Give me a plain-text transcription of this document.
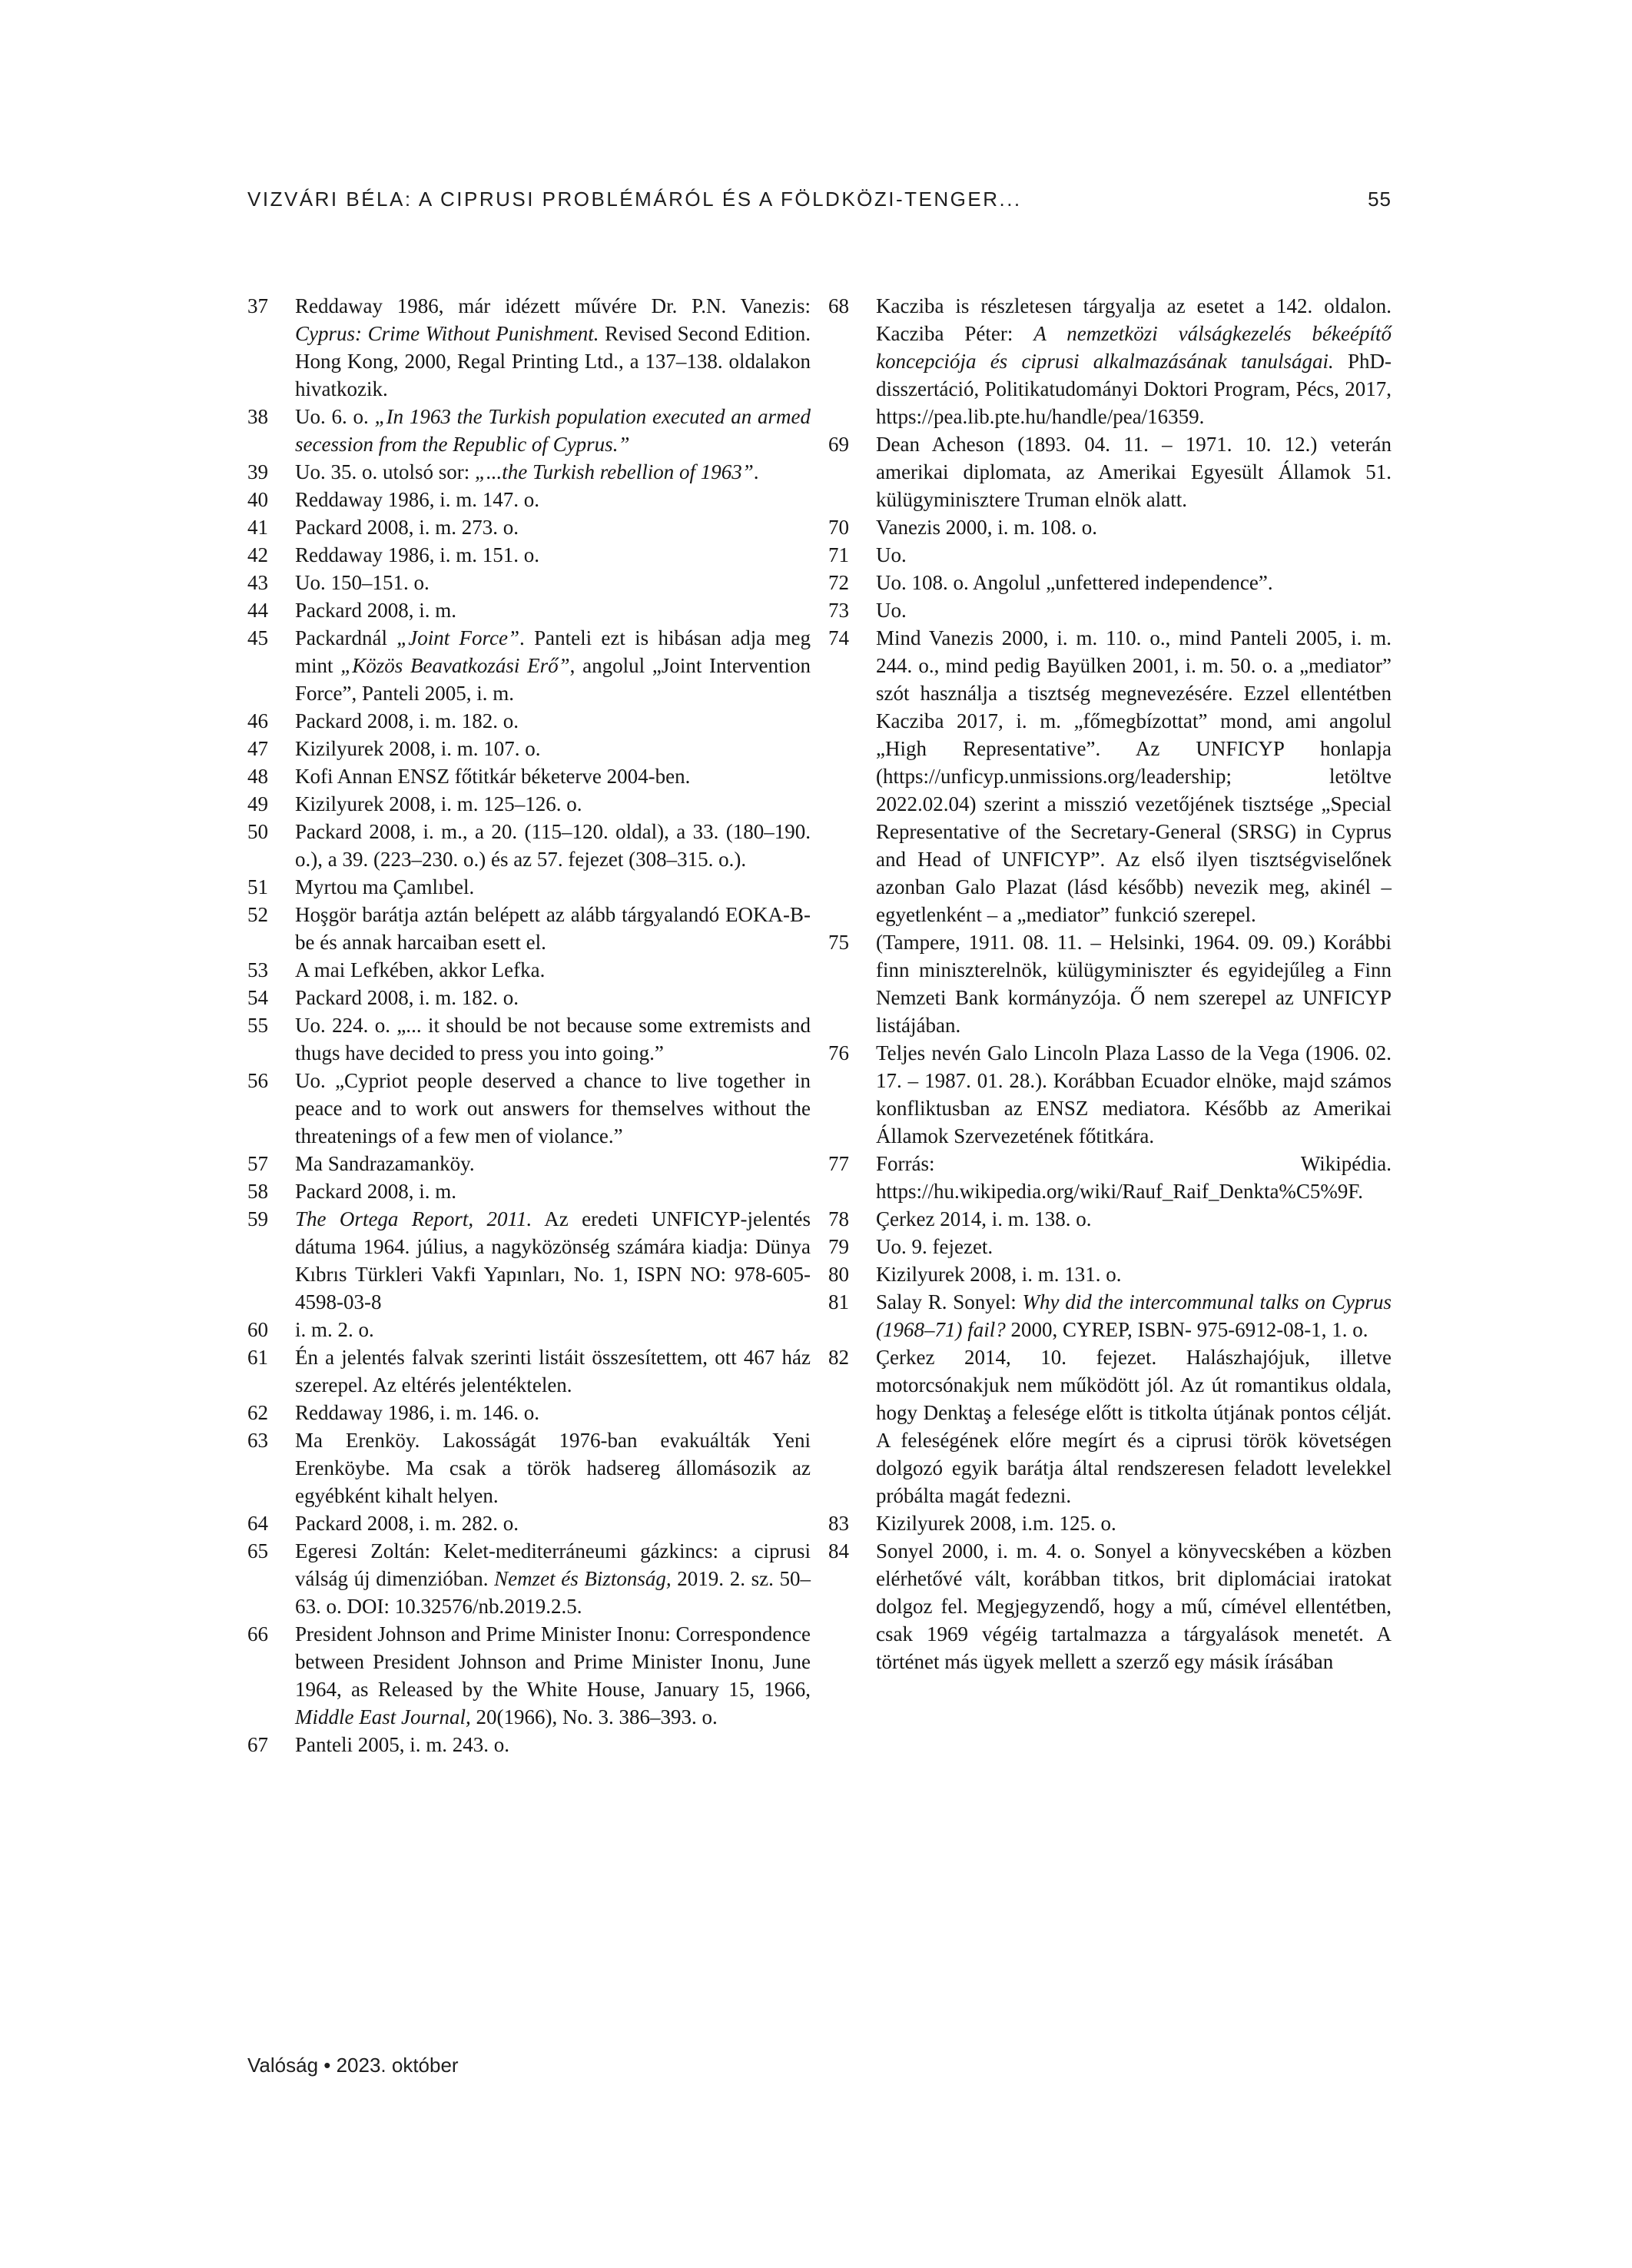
VIZVÁRI BÉLA: A CIPRUSI PROBLÉMÁRÓL ÉS A FÖLDKÖZI-TENGER...	55
37	Reddaway 1986, már idézett művére Dr. P.N. Vanezis: Cyprus: Crime Without Punishment. Revised Second Edition. Hong Kong, 2000, Regal Printing Ltd., a 137–138. oldalakon hivatkozik.
38	Uo. 6. o. „In 1963 the Turkish population executed an armed secession from the Republic of Cyprus.”
39	Uo. 35. o. utolsó sor: „...the Turkish rebellion of 1963”.
40	Reddaway 1986, i. m. 147. o.
41	Packard 2008, i. m. 273. o.
42	Reddaway 1986, i. m. 151. o.
43	Uo. 150–151. o.
44	Packard 2008, i. m.
45	Packardnál „Joint Force”. Panteli ezt is hibásan adja meg mint „Közös Beavatkozási Erő”, angolul „Joint Intervention Force”, Panteli 2005, i. m.
46	Packard 2008, i. m. 182. o.
47	Kizilyurek 2008, i. m. 107. o.
48	Kofi Annan ENSZ főtitkár béketerve 2004-ben.
49	Kizilyurek 2008, i. m. 125–126. o.
50	Packard 2008, i. m., a 20. (115–120. oldal), a 33. (180–190. o.), a 39. (223–230. o.) és az 57. fejezet (308–315. o.).
51	Myrtou ma Çamlıbel.
52	Hoşgör barátja aztán belépett az alább tárgyalandó EOKA-B-be és annak harcaiban esett el.
53	A mai Lefkében, akkor Lefka.
54	Packard 2008, i. m. 182. o.
55	Uo. 224. o. „... it should be not because some extremists and thugs have decided to press you into going.”
56	Uo. „Cypriot people deserved a chance to live together in peace and to work out answers for themselves without the threatenings of a few men of violance.”
57	Ma Sandrazamanköy.
58	Packard 2008, i. m.
59	The Ortega Report, 2011. Az eredeti UNFICYP-jelentés dátuma 1964. július, a nagyközönség számára kiadja: Dünya Kıbrıs Türkleri Vakfi Yapınları, No. 1, ISPN NO: 978-605-4598-03-8
60	i. m. 2. o.
61	Én a jelentés falvak szerinti listáit összesítettem, ott 467 ház szerepel. Az eltérés jelentéktelen.
62	Reddaway 1986, i. m. 146. o.
63	Ma Erenköy. Lakosságát 1976-ban evakuálták Yeni Erenköybe. Ma csak a török hadsereg állomásozik az egyébként kihalt helyen.
64	Packard 2008, i. m. 282. o.
65	Egeresi Zoltán: Kelet-mediterráneumi gázkincs: a ciprusi válság új dimenzióban. Nemzet és Biztonság, 2019. 2. sz. 50–63. o. DOI: 10.32576/nb.2019.2.5.
66	President Johnson and Prime Minister Inonu: Correspondence between President Johnson and Prime Minister Inonu, June 1964, as Released by the White House, January 15, 1966, Middle East Journal, 20(1966), No. 3. 386–393. o.
67	Panteli 2005, i. m. 243. o.
68	Kacziba is részletesen tárgyalja az esetet a 142. oldalon. Kacziba Péter: A nemzetközi válságkezelés békeépítő koncepciója és ciprusi alkalmazásának tanulságai. PhD-disszertáció, Politikatudományi Doktori Program, Pécs, 2017, https://pea.lib.pte.hu/handle/pea/16359.
69	Dean Acheson (1893. 04. 11. – 1971. 10. 12.) veterán amerikai diplomata, az Amerikai Egyesült Államok 51. külügyminisztere Truman elnök alatt.
70	Vanezis 2000, i. m. 108. o.
71	Uo.
72	Uo. 108. o. Angolul „unfettered independence”.
73	Uo.
74	Mind Vanezis 2000, i. m. 110. o., mind Panteli 2005, i. m. 244. o., mind pedig Bayülken 2001, i. m. 50. o. a „mediator” szót használja a tisztség megnevezésére. Ezzel ellentétben Kacziba 2017, i. m. „főmegbízottat” mond, ami angolul „High Representative”. Az UNFICYP honlapja (https://unficyp.unmissions.org/leadership; letöltve 2022.02.04) szerint a misszió vezetőjének tisztsége „Special Representative of the Secretary-General (SRSG) in Cyprus and Head of UNFICYP”. Az első ilyen tisztségviselőnek azonban Galo Plazat (lásd később) nevezik meg, akinél – egyetlenként – a „mediator” funkció szerepel.
75	(Tampere, 1911. 08. 11. – Helsinki, 1964. 09. 09.) Korábbi finn miniszterelnök, külügyminiszter és egyidejűleg a Finn Nemzeti Bank kormányzója. Ő nem szerepel az UNFICYP listájában.
76	Teljes nevén Galo Lincoln Plaza Lasso de la Vega (1906. 02. 17. – 1987. 01. 28.). Korábban Ecuador elnöke, majd számos konfliktusban az ENSZ mediatora. Később az Amerikai Államok Szervezetének főtitkára.
77	Forrás: Wikipédia. https://hu.wikipedia.org/wiki/Rauf_Raif_Denkta%C5%9F.
78	Çerkez 2014, i. m. 138. o.
79	Uo. 9. fejezet.
80	Kizilyurek 2008, i. m. 131. o.
81	Salay R. Sonyel: Why did the intercommunal talks on Cyprus (1968–71) fail? 2000, CYREP, ISBN- 975-6912-08-1, 1. o.
82	Çerkez 2014, 10. fejezet. Halászhajójuk, illetve motorcsónakjuk nem működött jól. Az út romantikus oldala, hogy Denktaş a felesége előtt is titkolta útjának pontos célját. A feleségének előre megírt és a ciprusi török követségen dolgozó egyik barátja által rendszeresen feladott levelekkel próbálta magát fedezni.
83	Kizilyurek 2008, i.m. 125. o.
84	Sonyel 2000, i. m. 4. o. Sonyel a könyvecskében a közben elérhetővé vált, korábban titkos, brit diplomáciai iratokat dolgoz fel. Megjegyzendő, hogy a mű, címével ellentétben, csak 1969 végéig tartalmazza a tárgyalások menetét. A történet más ügyek mellett a szerző egy másik írásában
Valóság • 2023. október
